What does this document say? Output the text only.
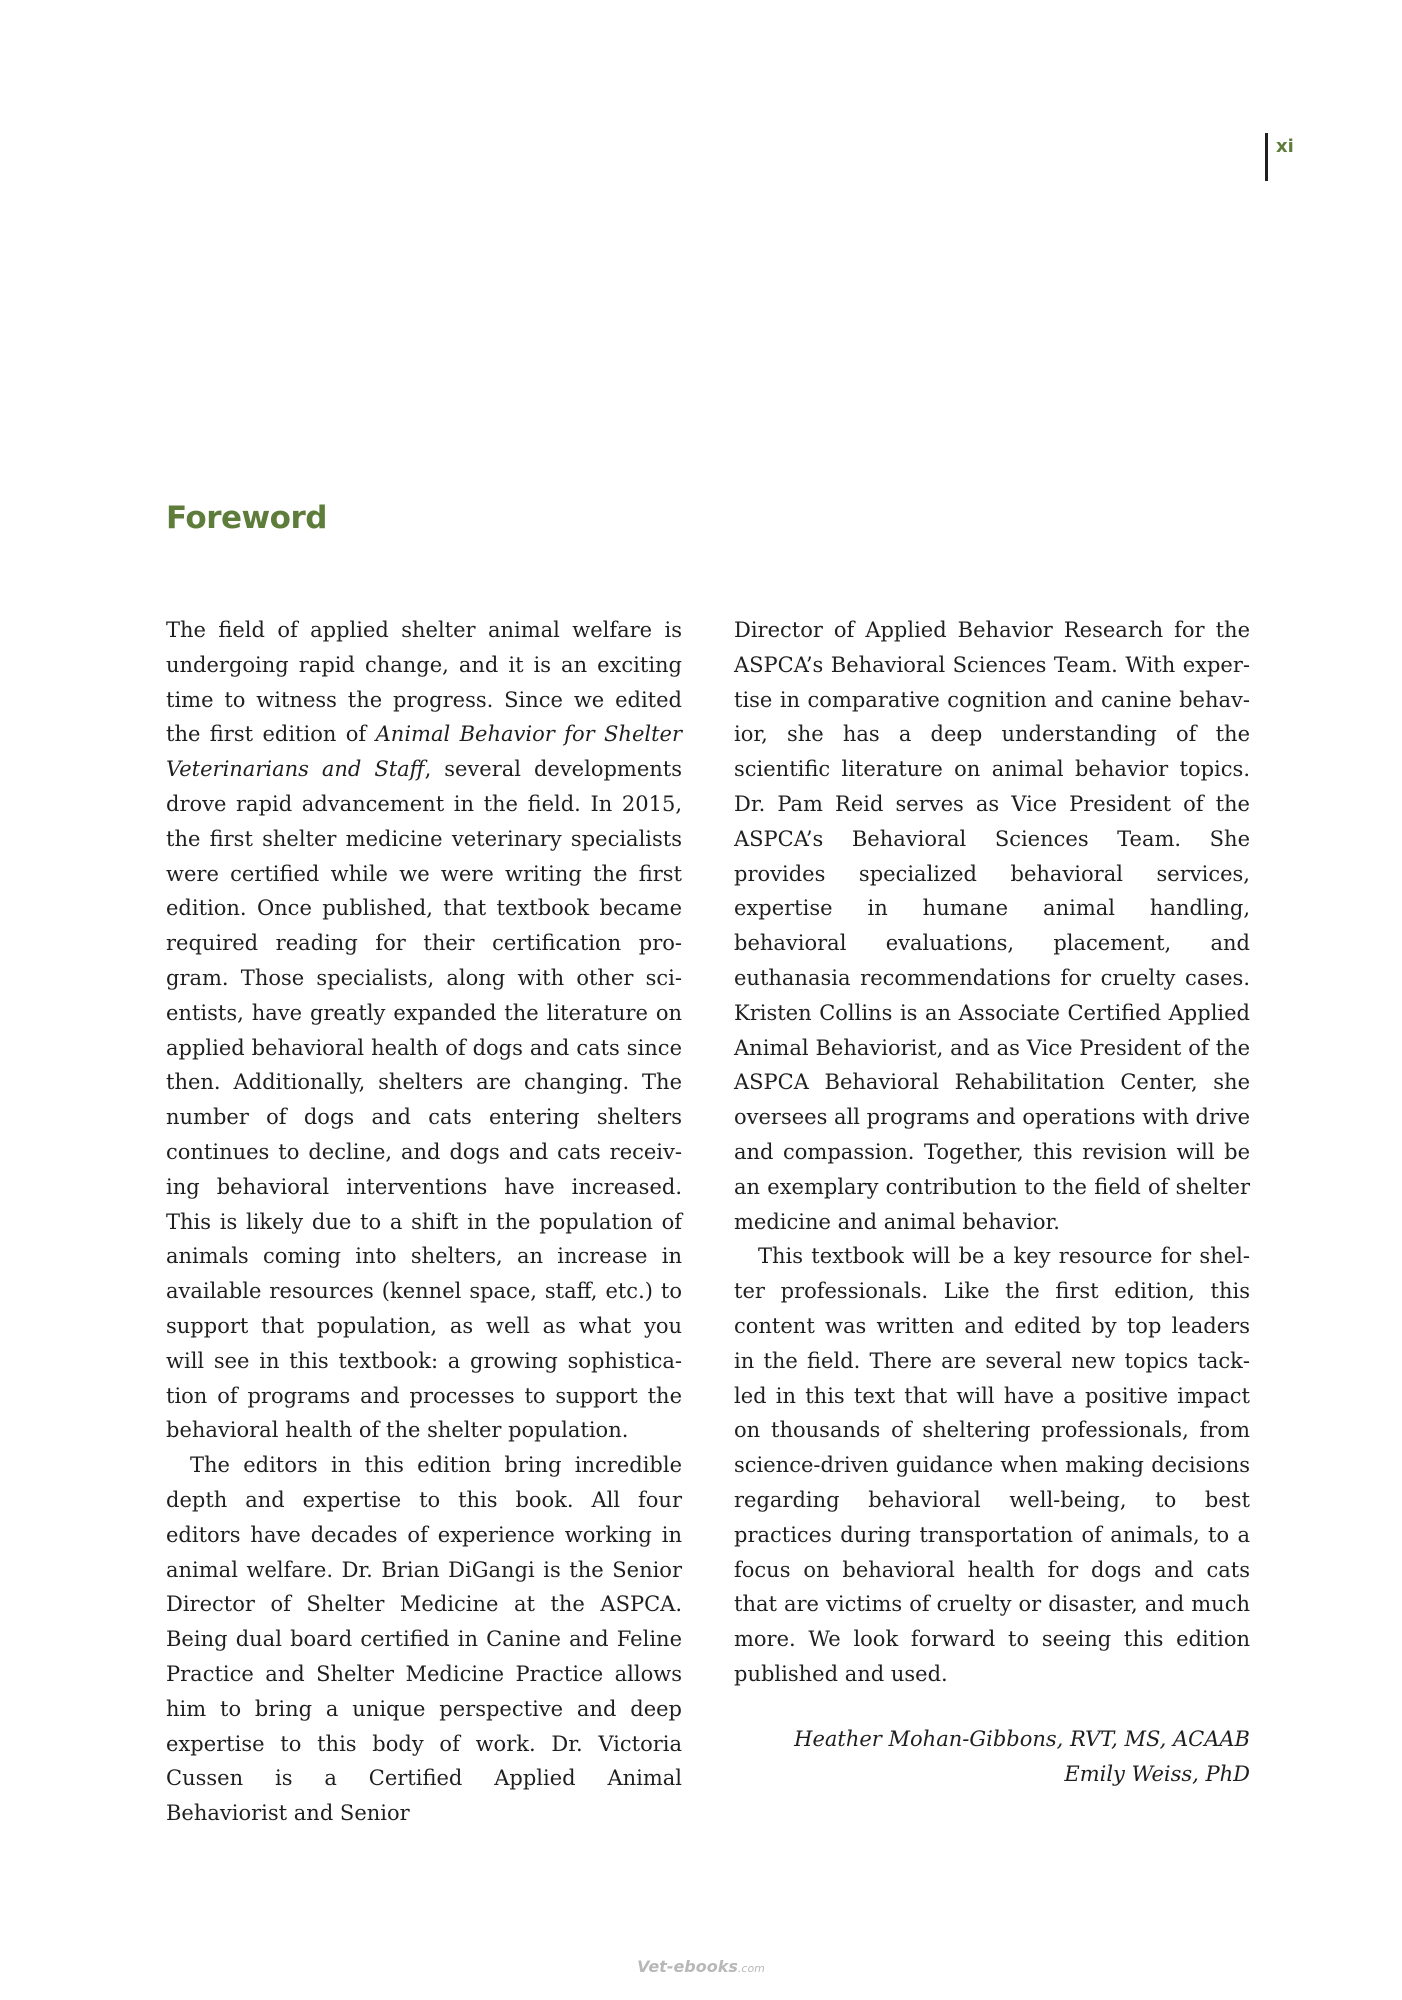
xi
Foreword

The field of applied shelter animal welfare is undergoing rapid change, and it is an exciting time to witness the progress. Since we edited the first edition of Animal Behavior for Shelter Veterinarians and Staff, several developments drove rapid advancement in the field. In 2015, the first shelter medicine veterinary specialists were certified while we were writing the first edition. Once published, that textbook became required reading for their certification program. Those specialists, along with other scientists, have greatly expanded the literature on applied behavioral health of dogs and cats since then. Additionally, shelters are changing. The number of dogs and cats entering shelters continues to decline, and dogs and cats receiving behavioral interventions have increased. This is likely due to a shift in the population of animals coming into shelters, an increase in available resources (kennel space, staff, etc.) to support that population, as well as what you will see in this textbook: a growing sophistication of programs and processes to support the behavioral health of the shelter population.

The editors in this edition bring incredible depth and expertise to this book. All four editors have decades of experience working in animal welfare. Dr. Brian DiGangi is the Senior Director of Shelter Medicine at the ASPCA. Being dual board certified in Canine and Feline Practice and Shelter Medicine Practice allows him to bring a unique perspective and deep expertise to this body of work. Dr. Victoria Cussen is a Certified Applied Animal Behaviorist and Senior

Director of Applied Behavior Research for the ASPCA’s Behavioral Sciences Team. With expertise in comparative cognition and canine behavior, she has a deep understanding of the scientific literature on animal behavior topics. Dr. Pam Reid serves as Vice President of the ASPCA’s Behavioral Sciences Team. She provides specialized behavioral services, expertise in humane animal handling, behavioral evaluations, placement, and euthanasia recommendations for cruelty cases. Kristen Collins is an Associate Certified Applied Animal Behaviorist, and as Vice President of the ASPCA Behavioral Rehabilitation Center, she oversees all programs and operations with drive and compassion. Together, this revision will be an exemplary contribution to the field of shelter medicine and animal behavior.

This textbook will be a key resource for shelter professionals. Like the first edition, this content was written and edited by top leaders in the field. There are several new topics tackled in this text that will have a positive impact on thousands of sheltering professionals, from science-driven guidance when making decisions regarding behavioral well-being, to best practices during transportation of animals, to a focus on behavioral health for dogs and cats that are victims of cruelty or disaster, and much more. We look forward to seeing this edition published and used.

Heather Mohan-Gibbons, RVT, MS, ACAAB
Emily Weiss, PhD
Vet-ebooks.com
